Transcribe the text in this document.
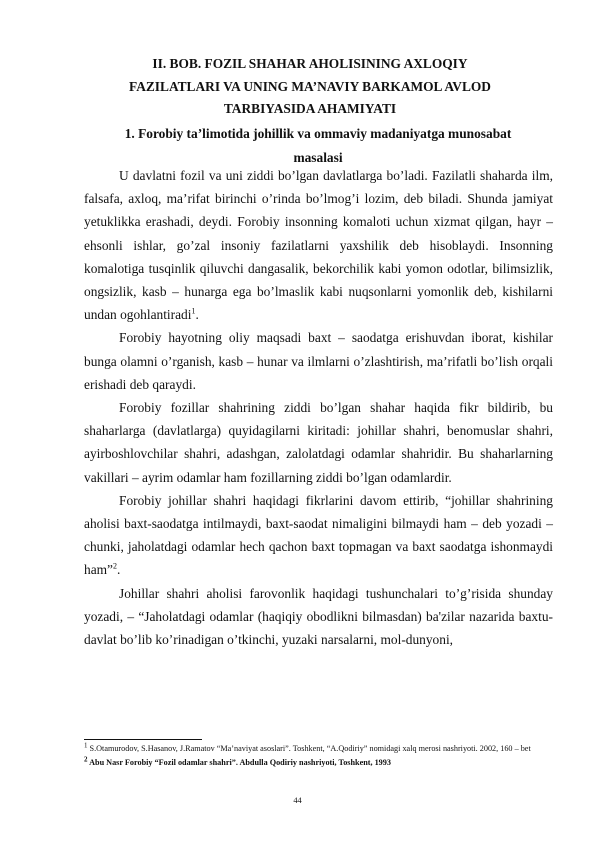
II. BOB. FOZIL SHAHAR AHOLISINING AXLOQIY
FAZILATLARI VA UNING MA’NAVIY BARKAMOL AVLOD
TARBIYASIDA AHAMIYATI
1. Forobiy ta’limotida johillik va ommaviy madaniyatga munosabat
masalasi

U davlatni fozil va uni ziddi bo’lgan davlatlarga bo’ladi. Fazilatli shaharda ilm, falsafa, axloq, ma’rifat birinchi o’rinda bo’lmog’i lozim, deb biladi. Shunda jamiyat yetuklikka erashadi, deydi. Forobiy insonning komaloti uchun xizmat qilgan, hayr – ehsonli ishlar, go’zal insoniy fazilatlarni yaxshilik deb hisoblaydi. Insonning komalotiga tusqinlik qiluvchi dangasalik, bekorchilik kabi yomon odotlar, bilimsizlik, ongsizlik, kasb – hunarga ega bo’lmaslik kabi nuqsonlarni yomonlik deb, kishilarni undan ogohlantiradi$^1$.

Forobiy hayotning oliy maqsadi baxt – saodatga erishuvdan iborat, kishilar bunga olamni o’rganish, kasb – hunar va ilmlarni o’zlashtirish, ma’rifatli bo’lish orqali erishadi deb qaraydi.

Forobiy fozillar shahrining ziddi bo’lgan shahar haqida fikr bildirib, bu shaharlarga (davlatlarga) quyidagilarni kiritadi: johillar shahri, benomuslar shahri, ayirboshlovchilar shahri, adashgan, zalolatdagi odamlar shahridir. Bu shaharlarning vakillari – ayrim odamlar ham fozillarning ziddi bo’lgan odamlardir.

Forobiy johillar shahri haqidagi fikrlarini davom ettirib, “johillar shahrining aholisi baxt-saodatga intilmaydi, baxt-saodat nimaligini bilmaydi ham – deb yozadi – chunki, jaholatdagi odamlar hech qachon baxt topmagan va baxt saodatga ishonmaydi ham”$^2$.

Johillar shahri aholisi farovonlik haqidagi tushunchalari to’g’risida shunday yozadi, – “Jaholatdagi odamlar (haqiqiy obodlikni bilmasdan) ba'zilar nazarida baxtu-davlat bo’lib ko’rinadigan o’tkinchi, yuzaki narsalarni, mol-dunyoni,

$^1$ S.Otamurodov, S.Hasanov, J.Ramatov “Ma’naviyat asoslari”. Toshkent, “A.Qodiriy” nomidagi xalq merosi nashriyoti. 2002, 160 – bet

$^2$ Abu Nasr Forobiy “Fozil odamlar shahri”. Abdulla Qodiriy nashriyoti, Toshkent, 1993

44
